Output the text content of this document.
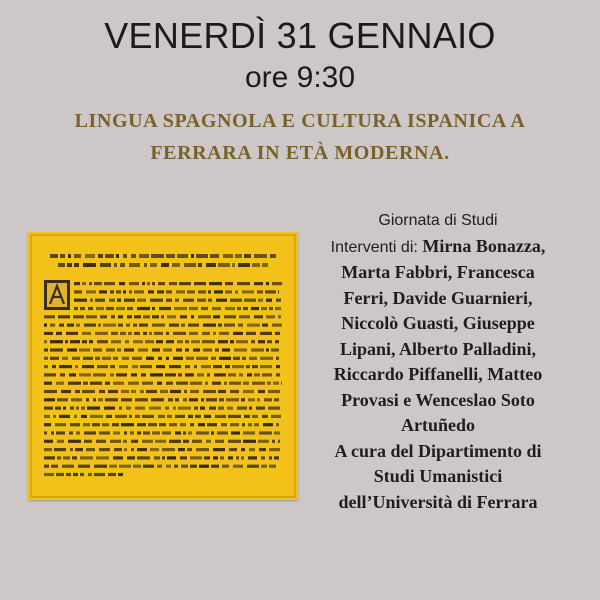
VENERDÌ 31 GENNAIO
ore 9:30
LINGUA SPAGNOLA E CULTURA ISPANICA A
FERRARA IN ETÀ MODERNA.
Giornata di Studi
Interventi di: Mirna Bonazza,
Marta Fabbri, Francesca
Ferri, Davide Guarnieri,
Niccolò Guasti, Giuseppe
Lipani, Alberto Palladini,
Riccardo Piffanelli, Matteo
Provasi e Wenceslao Soto
Artuñedo
A cura del Dipartimento di
Studi Umanistici
dell’Università di Ferrara
